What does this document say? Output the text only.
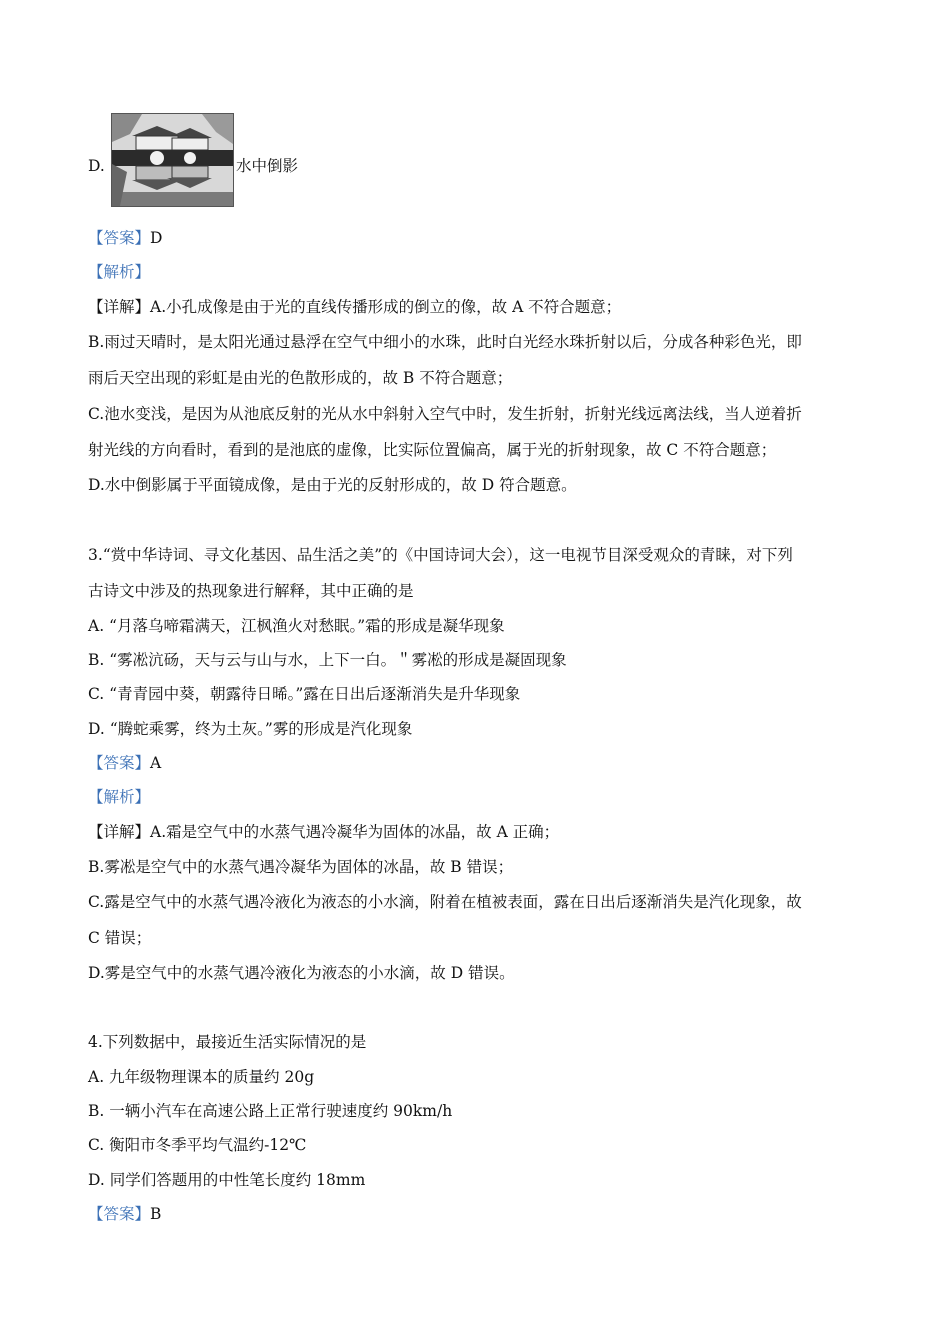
D.	水中倒影
【答案】D
【解析】
【详解】A.小孔成像是由于光的直线传播形成的倒立的像，故 A 不符合题意；
B.雨过天晴时，是太阳光通过悬浮在空气中细小的水珠，此时白光经水珠折射以后，分成各种彩色光，即
雨后天空出现的彩虹是由光的色散形成的，故 B 不符合题意；
C.池水变浅，是因为从池底反射的光从水中斜射入空气中时，发生折射，折射光线远离法线，当人逆着折
射光线的方向看时，看到的是池底的虚像，比实际位置偏高，属于光的折射现象，故 C 不符合题意；
D.水中倒影属于平面镜成像，是由于光的反射形成的，故 D 符合题意。
3.“赏中华诗词、寻文化基因、品生活之美”的《中国诗词大会），这一电视节目深受观众的青睐，对下列
古诗文中涉及的热现象进行解释，其中正确的是
A. “月落乌啼霜满天，江枫渔火对愁眠。”霜的形成是凝华现象
B. “雾凇沆砀，天与云与山与水，上下一白。＂雾凇的形成是凝固现象
C. “青青园中葵，朝露待日晞。”露在日出后逐渐消失是升华现象
D. “腾蛇乘雾，终为土灰。”雾的形成是汽化现象
【答案】A
【解析】
【详解】A.霜是空气中的水蒸气遇冷凝华为固体的冰晶，故 A 正确；
B.雾凇是空气中的水蒸气遇冷凝华为固体的冰晶，故 B 错误；
C.露是空气中的水蒸气遇冷液化为液态的小水滴，附着在植被表面，露在日出后逐渐消失是汽化现象，故
C 错误；
D.雾是空气中的水蒸气遇冷液化为液态的小水滴，故 D 错误。
4.下列数据中，最接近生活实际情况的是
A. 九年级物理课本的质量约 20g
B. 一辆小汽车在高速公路上正常行驶速度约 90km/h
C. 衡阳市冬季平均气温约-12℃
D. 同学们答题用的中性笔长度约 18mm
【答案】B
